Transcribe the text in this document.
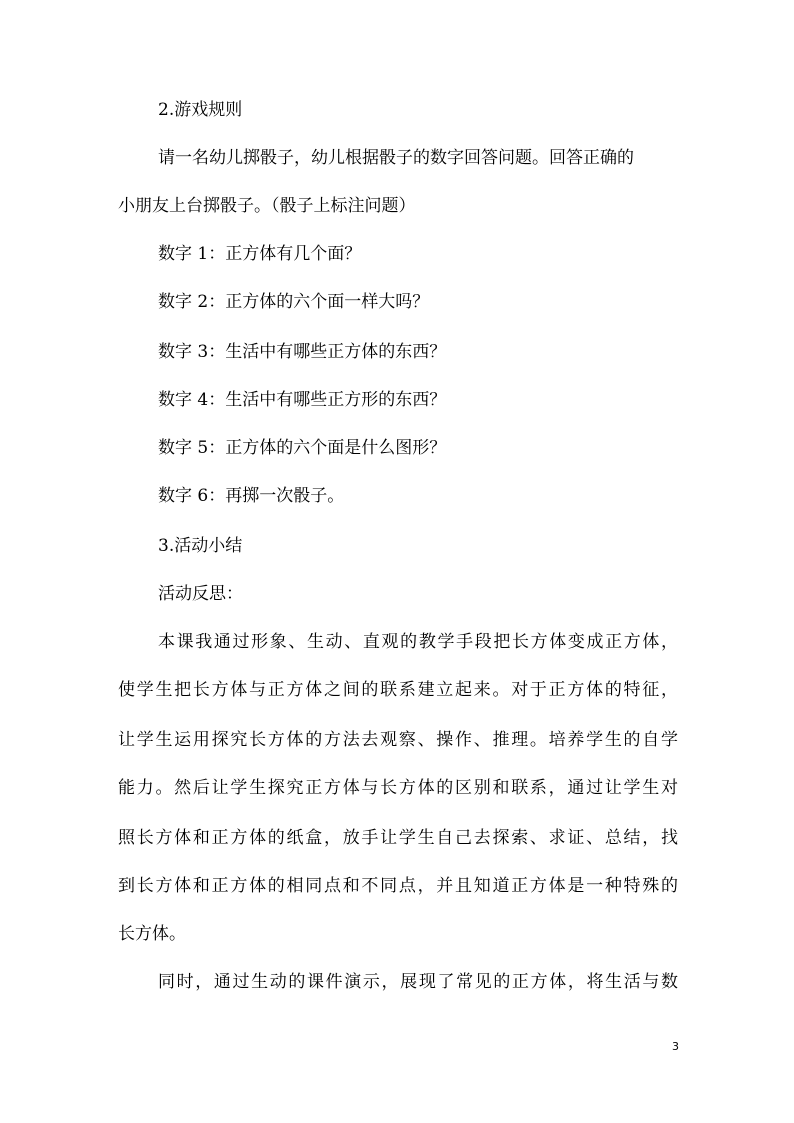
2.游戏规则
请一名幼儿掷骰子，幼儿根据骰子的数字回答问题。回答正确的
小朋友上台掷骰子。（骰子上标注问题）
数字 1：正方体有几个面？
数字 2：正方体的六个面一样大吗？
数字 3：生活中有哪些正方体的东西？
数字 4：生活中有哪些正方形的东西？
数字 5：正方体的六个面是什么图形？
数字 6：再掷一次骰子。
3.活动小结
活动反思：
本课我通过形象、生动、直观的教学手段把长方体变成正方体，
使学生把长方体与正方体之间的联系建立起来。对于正方体的特征，
让学生运用探究长方体的方法去观察、操作、推理。培养学生的自学
能力。然后让学生探究正方体与长方体的区别和联系，通过让学生对
照长方体和正方体的纸盒，放手让学生自己去探索、求证、总结，找
到长方体和正方体的相同点和不同点，并且知道正方体是一种特殊的
长方体。
同时，通过生动的课件演示，展现了常见的正方体，将生活与数
3
